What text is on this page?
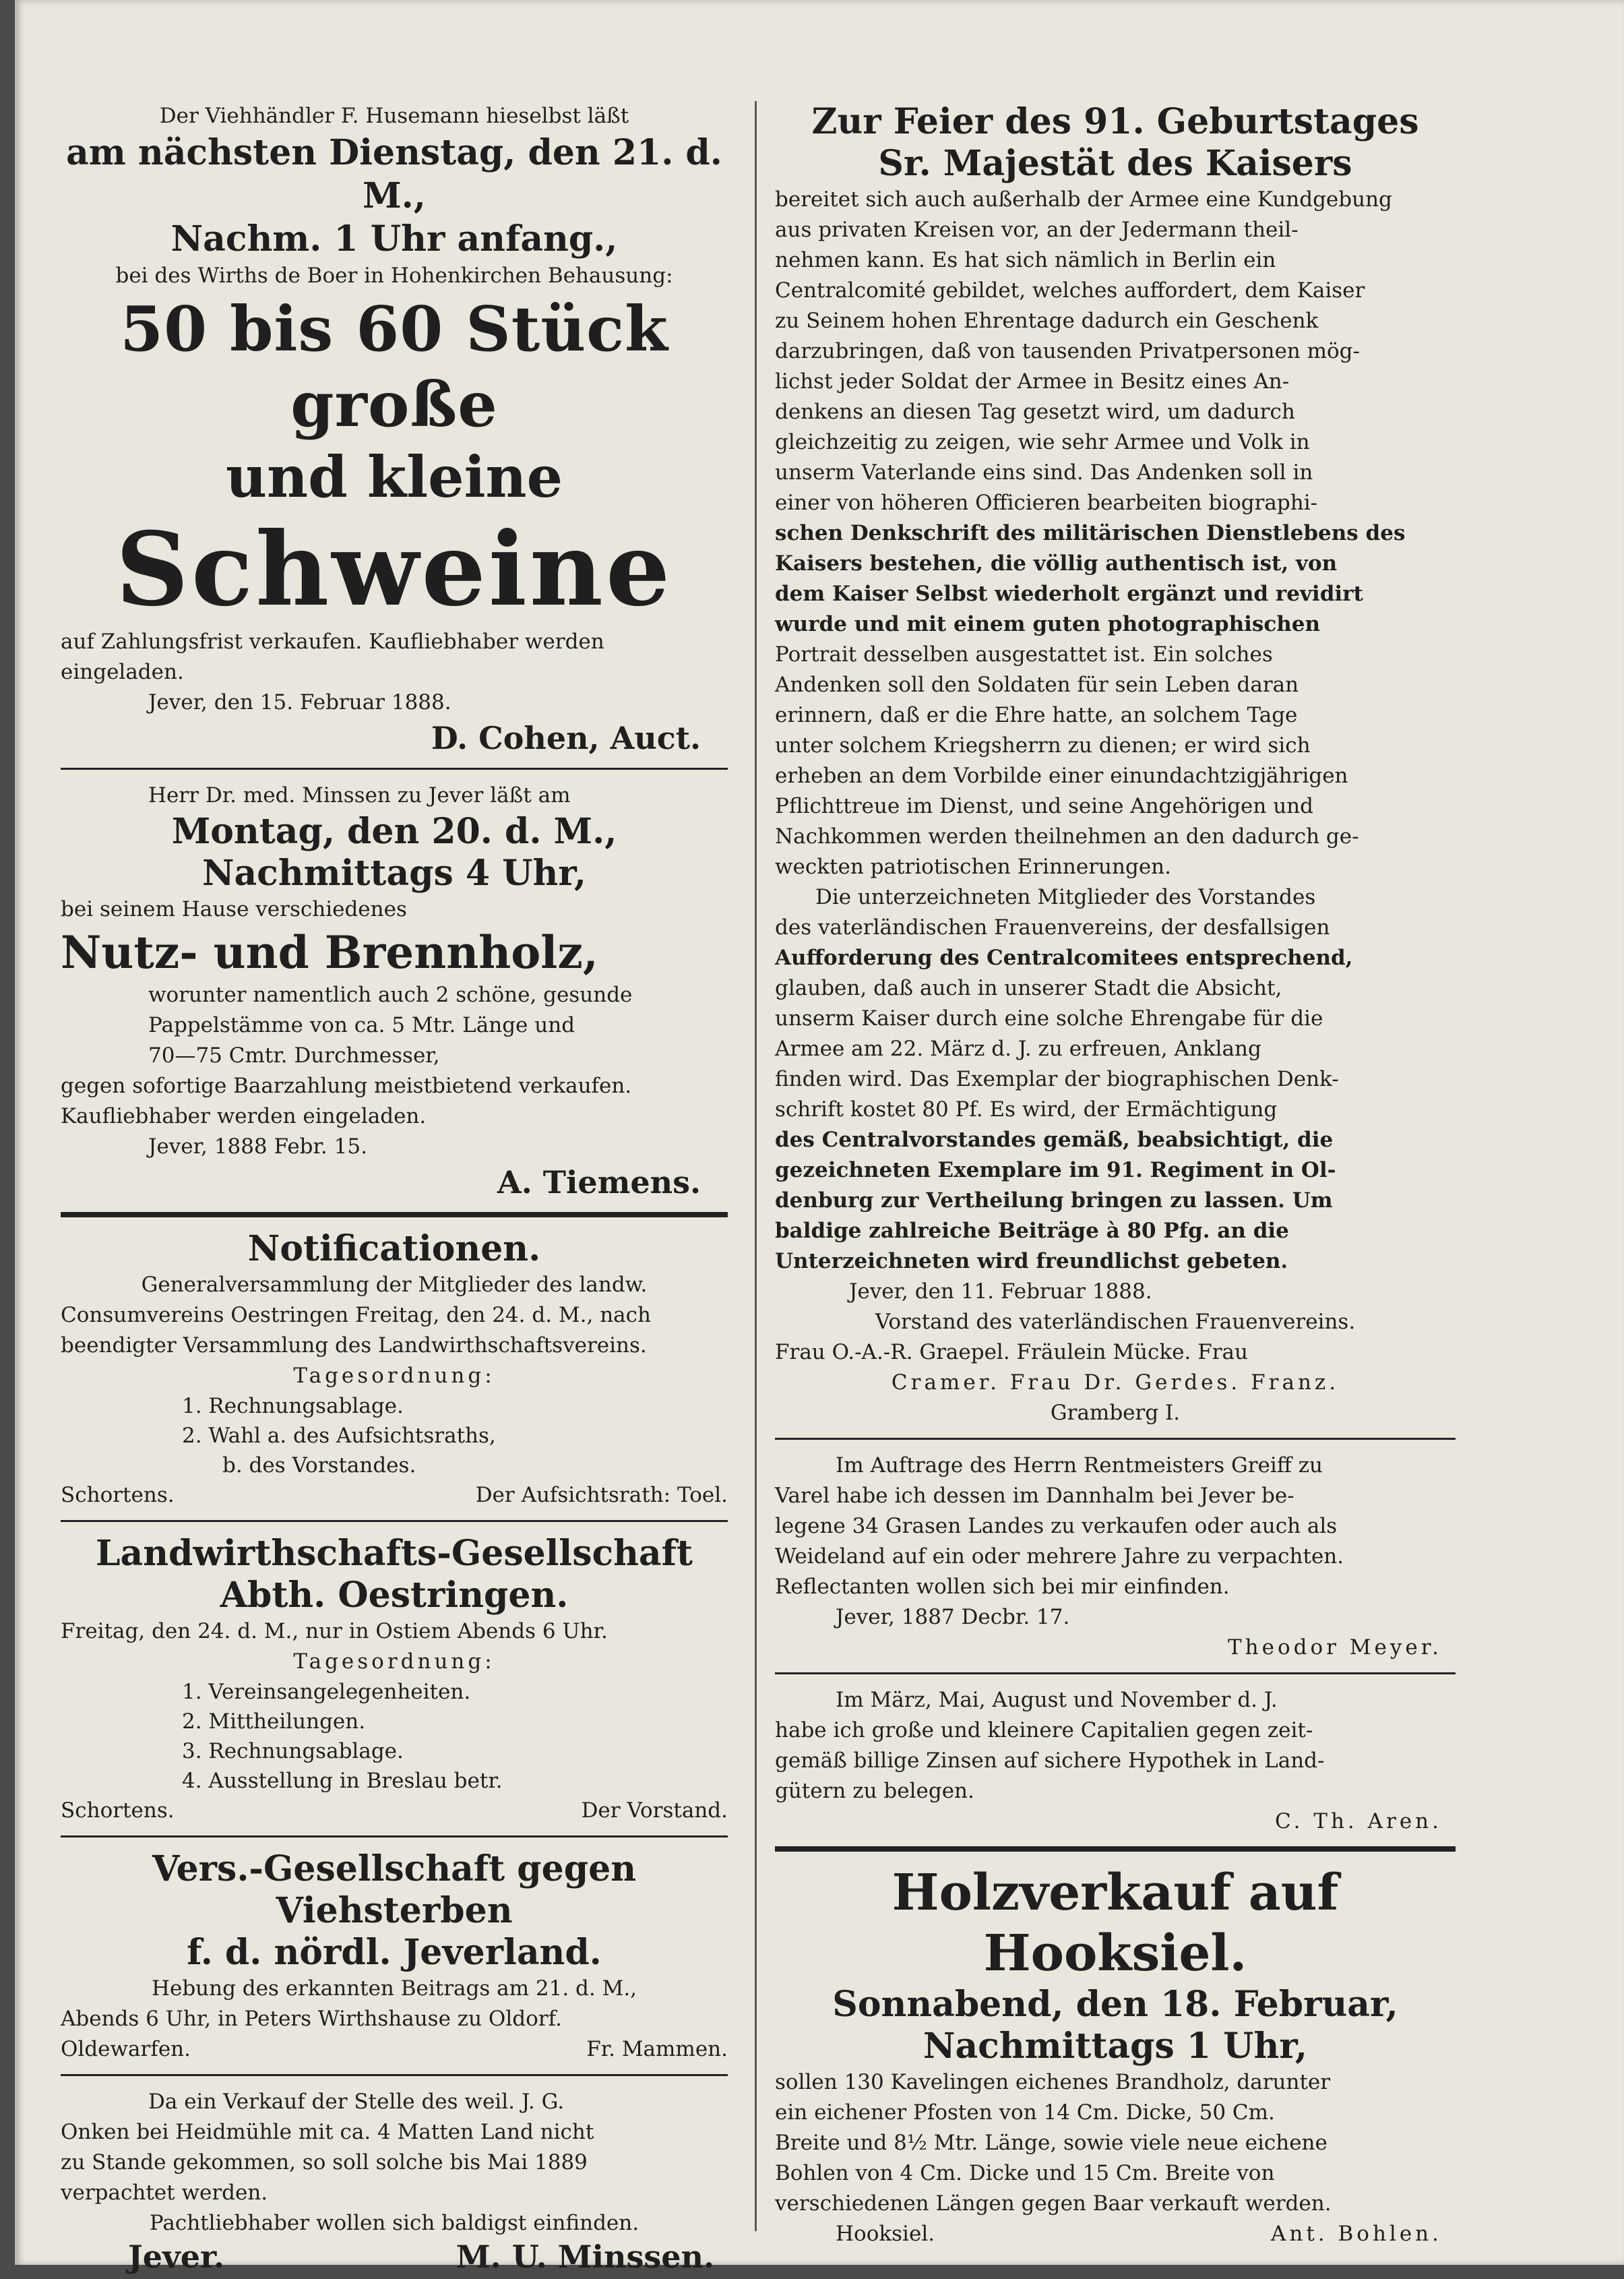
Der Viehhändler F. Husemann hieselbst läßt
am nächsten Dienstag, den 21. d. M.,
Nachm. 1 Uhr anfang.,
bei des Wirths de Boer in Hohenkirchen Behausung:
50 bis 60 Stück große
und kleine
Schweine
auf Zahlungsfrist verkaufen. Kaufliebhaber werden
eingeladen.
Jever, den 15. Februar 1888.
D. Cohen, Auct.
Herr Dr. med. Minssen zu Jever läßt am
Montag, den 20. d. M.,
Nachmittags 4 Uhr,
bei seinem Hause verschiedenes
Nutz- und Brennholz,
worunter namentlich auch 2 schöne, gesunde
Pappelstämme von ca. 5 Mtr. Länge und
70—75 Cmtr. Durchmesser,
gegen sofortige Baarzahlung meistbietend verkaufen.
Kaufliebhaber werden eingeladen.
Jever, 1888 Febr. 15.
A. Tiemens.
Notificationen.
Generalversammlung der Mitglieder des landw.
Consumvereins Oestringen Freitag, den 24. d. M., nach
beendigter Versammlung des Landwirthschaftsvereins.
Tagesordnung:
1. Rechnungsablage.
2. Wahl a. des Aufsichtsraths,
b. des Vorstandes.
Schortens.	Der Aufsichtsrath: Toel.
Landwirthschafts-Gesellschaft
Abth. Oestringen.
Freitag, den 24. d. M., nur in Ostiem Abends 6 Uhr.
Tagesordnung:
1. Vereinsangelegenheiten.
2. Mittheilungen.
3. Rechnungsablage.
4. Ausstellung in Breslau betr.
Schortens.	Der Vorstand.
Vers.-Gesellschaft gegen Viehsterben
f. d. nördl. Jeverland.
Hebung des erkannten Beitrags am 21. d. M.,
Abends 6 Uhr, in Peters Wirthshause zu Oldorf.
Oldewarfen.	Fr. Mammen.
Da ein Verkauf der Stelle des weil. J. G.
Onken bei Heidmühle mit ca. 4 Matten Land nicht
zu Stande gekommen, so soll solche bis Mai 1889
verpachtet werden.
Pachtliebhaber wollen sich baldigst einfinden.
Jever.	M. U. Minssen.
Zur Feier des 91. Geburtstages
Sr. Majestät des Kaisers
bereitet sich auch außerhalb der Armee eine Kundgebung
aus privaten Kreisen vor, an der Jedermann theil-
nehmen kann. Es hat sich nämlich in Berlin ein
Centralcomité gebildet, welches auffordert, dem Kaiser
zu Seinem hohen Ehrentage dadurch ein Geschenk
darzubringen, daß von tausenden Privatpersonen mög-
lichst jeder Soldat der Armee in Besitz eines An-
denkens an diesen Tag gesetzt wird, um dadurch
gleichzeitig zu zeigen, wie sehr Armee und Volk in
unserm Vaterlande eins sind. Das Andenken soll in
einer von höheren Officieren bearbeiten biographi-
schen Denkschrift des militärischen Dienstlebens des
Kaisers bestehen, die völlig authentisch ist, von
dem Kaiser Selbst wiederholt ergänzt und revidirt
wurde und mit einem guten photographischen
Portrait desselben ausgestattet ist. Ein solches
Andenken soll den Soldaten für sein Leben daran
erinnern, daß er die Ehre hatte, an solchem Tage
unter solchem Kriegsherrn zu dienen; er wird sich
erheben an dem Vorbilde einer einundachtzigjährigen
Pflichttreue im Dienst, und seine Angehörigen und
Nachkommen werden theilnehmen an den dadurch ge-
weckten patriotischen Erinnerungen.
Die unterzeichneten Mitglieder des Vorstandes
des vaterländischen Frauenvereins, der desfallsigen
Aufforderung des Centralcomitees entsprechend,
glauben, daß auch in unserer Stadt die Absicht,
unserm Kaiser durch eine solche Ehrengabe für die
Armee am 22. März d. J. zu erfreuen, Anklang
finden wird. Das Exemplar der biographischen Denk-
schrift kostet 80 Pf. Es wird, der Ermächtigung
des Centralvorstandes gemäß, beabsichtigt, die
gezeichneten Exemplare im 91. Regiment in Ol-
denburg zur Vertheilung bringen zu lassen. Um
baldige zahlreiche Beiträge à 80 Pfg. an die
Unterzeichneten wird freundlichst gebeten.
Jever, den 11. Februar 1888.
Vorstand des vaterländischen Frauenvereins.
Frau O.-A.-R. Graepel. Fräulein Mücke. Frau
Cramer. Frau Dr. Gerdes. Franz.
Gramberg I.
Im Auftrage des Herrn Rentmeisters Greiff zu
Varel habe ich dessen im Dannhalm bei Jever be-
legene 34 Grasen Landes zu verkaufen oder auch als
Weideland auf ein oder mehrere Jahre zu verpachten.
Reflectanten wollen sich bei mir einfinden.
Jever, 1887 Decbr. 17.
Theodor Meyer.
Im März, Mai, August und November d. J.
habe ich große und kleinere Capitalien gegen zeit-
gemäß billige Zinsen auf sichere Hypothek in Land-
gütern zu belegen.
C. Th. Aren.
Holzverkauf auf Hooksiel.
Sonnabend, den 18. Februar,
Nachmittags 1 Uhr,
sollen 130 Kavelingen eichenes Brandholz, darunter
ein eichener Pfosten von 14 Cm. Dicke, 50 Cm.
Breite und 8½ Mtr. Länge, sowie viele neue eichene
Bohlen von 4 Cm. Dicke und 15 Cm. Breite von
verschiedenen Längen gegen Baar verkauft werden.
Hooksiel.	Ant. Bohlen.
